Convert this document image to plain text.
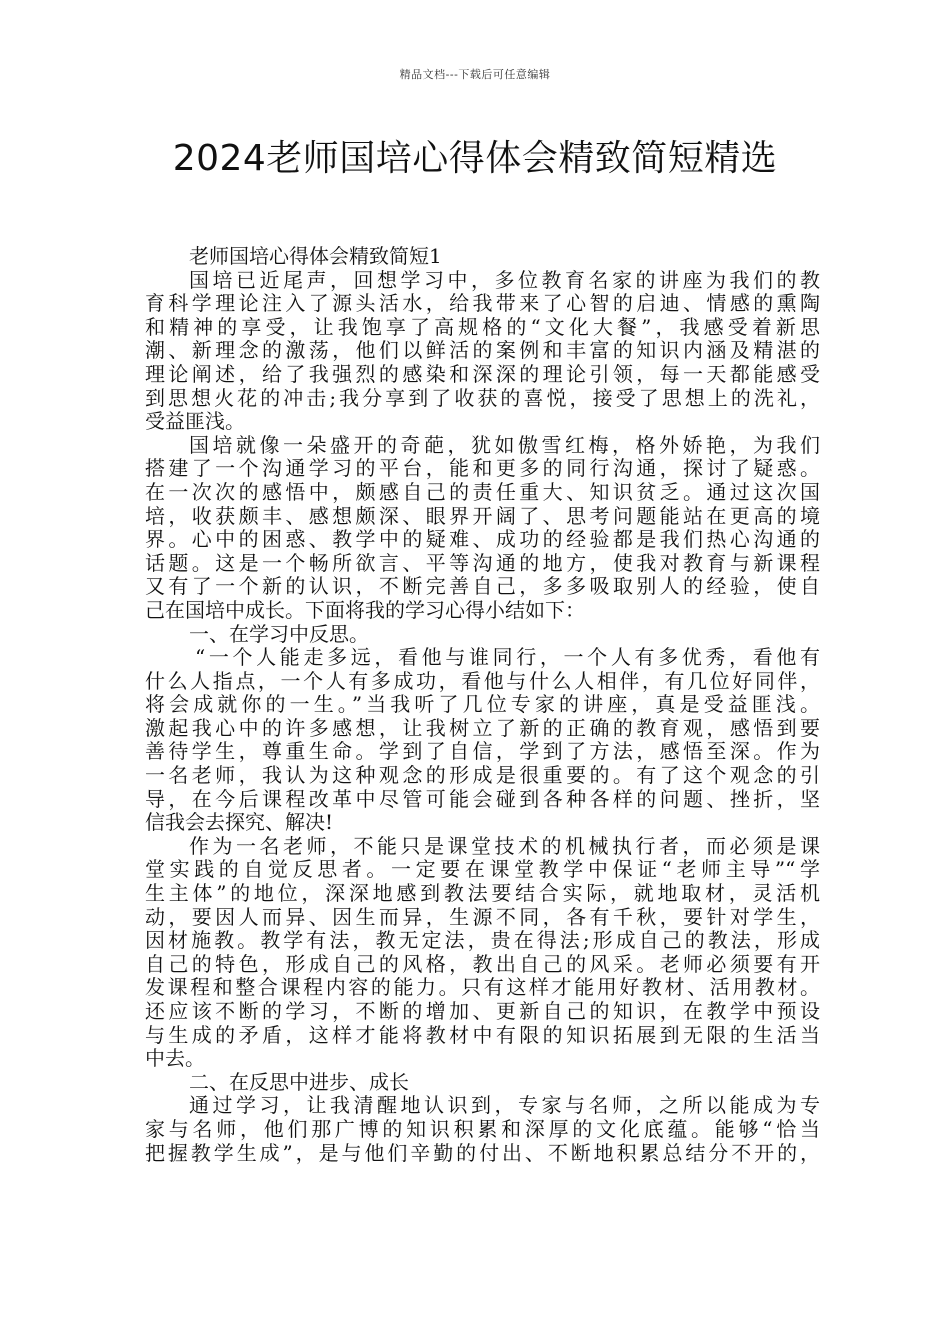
精品文档---下载后可任意编辑
2024老师国培心得体会精致简短精选

老师国培心得体会精致简短1

国培已近尾声，回想学习中，多位教育名家的讲座为我们的教

育科学理论注入了源头活水，给我带来了心智的启迪、情感的熏陶

和精神的享受，让我饱享了高规格的“文化大餐”，我感受着新思

潮、新理念的激荡，他们以鲜活的案例和丰富的知识内涵及精湛的

理论阐述，给了我强烈的感染和深深的理论引领，每一天都能感受

到思想火花的冲击;我分享到了收获的喜悦，接受了思想上的洗礼，

受益匪浅。

国培就像一朵盛开的奇葩，犹如傲雪红梅，格外娇艳，为我们

搭建了一个沟通学习的平台，能和更多的同行沟通，探讨了疑惑。

在一次次的感悟中，颇感自己的责任重大、知识贫乏。通过这次国

培，收获颇丰、感想颇深、眼界开阔了、思考问题能站在更高的境

界。心中的困惑、教学中的疑难、成功的经验都是我们热心沟通的

话题。这是一个畅所欲言、平等沟通的地方，使我对教育与新课程

又有了一个新的认识，不断完善自己，多多吸取别人的经验，使自

己在国培中成长。下面将我的学习心得小结如下：

一、在学习中反思。

“一个人能走多远，看他与谁同行，一个人有多优秀，看他有

什么人指点，一个人有多成功，看他与什么人相伴，有几位好同伴，

将会成就你的一生。”当我听了几位专家的讲座，真是受益匪浅。

激起我心中的许多感想，让我树立了新的正确的教育观，感悟到要

善待学生，尊重生命。学到了自信，学到了方法，感悟至深。作为

一名老师，我认为这种观念的形成是很重要的。有了这个观念的引

导，在今后课程改革中尽管可能会碰到各种各样的问题、挫折，坚

信我会去探究、解决!

作为一名老师，不能只是课堂技术的机械执行者，而必须是课

堂实践的自觉反思者。一定要在课堂教学中保证“老师主导”“学

生主体”的地位，深深地感到教法要结合实际，就地取材，灵活机

动，要因人而异、因生而异，生源不同，各有千秋，要针对学生，

因材施教。教学有法，教无定法，贵在得法;形成自己的教法，形成

自己的特色，形成自己的风格，教出自己的风采。老师必须要有开

发课程和整合课程内容的能力。只有这样才能用好教材、活用教材。

还应该不断的学习，不断的增加、更新自己的知识，在教学中预设

与生成的矛盾，这样才能将教材中有限的知识拓展到无限的生活当

中去。

二、在反思中进步、成长

通过学习，让我清醒地认识到，专家与名师，之所以能成为专

家与名师，他们那广博的知识积累和深厚的文化底蕴。能够“恰当

把握教学生成”，是与他们辛勤的付出、不断地积累总结分不开的，
